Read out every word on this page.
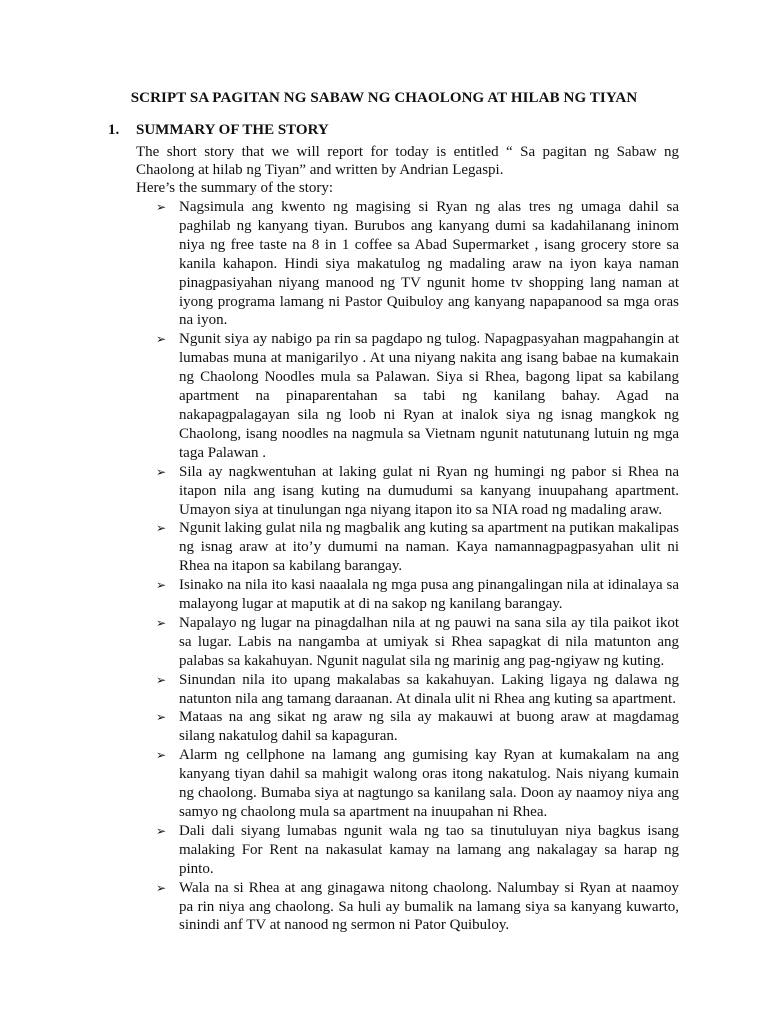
SCRIPT SA PAGITAN NG SABAW NG CHAOLONG AT HILAB NG TIYAN
1. SUMMARY OF THE STORY
The short story that we will report for today is entitled “ Sa pagitan ng Sabaw ng Chaolong at hilab ng Tiyan” and written by Andrian Legaspi.
Here’s the summary of the story:
➢ Nagsimula ang kwento ng magising si Ryan ng alas tres ng umaga dahil sa paghilab ng kanyang tiyan. Burubos ang kanyang dumi sa kadahilanang ininom niya ng free taste na 8 in 1 coffee sa Abad Supermarket , isang grocery store sa kanila kahapon. Hindi siya makatulog ng madaling araw na iyon kaya naman pinagpasiyahan niyang manood ng TV ngunit home tv shopping lang naman at iyong programa lamang ni Pastor Quibuloy ang kanyang napapanood sa mga oras na iyon.
➢ Ngunit siya ay nabigo pa rin sa pagdapo ng tulog. Napagpasyahan magpahangin at lumabas muna at manigarilyo . At una niyang nakita ang isang babae na kumakain ng Chaolong Noodles mula sa Palawan. Siya si Rhea, bagong lipat sa kabilang apartment na pinaparentahan sa tabi ng kanilang bahay. Agad na nakapagpalagayan sila ng loob ni Ryan at inalok siya ng isnag mangkok ng Chaolong, isang noodles na nagmula sa Vietnam ngunit natutunang lutuin ng mga taga Palawan .
➢ Sila ay nagkwentuhan at laking gulat ni Ryan ng humingi ng pabor si Rhea na itapon nila ang isang kuting na dumudumi sa kanyang inuupahang apartment. Umayon siya at tinulungan nga niyang itapon ito sa NIA road ng madaling araw.
➢ Ngunit laking gulat nila ng magbalik ang kuting sa apartment na putikan makalipas ng isnag araw at ito’y dumumi na naman. Kaya namannagpagpasyahan ulit ni Rhea na itapon sa kabilang barangay.
➢ Isinako na nila ito kasi naaalala ng mga pusa ang pinangalingan nila at idinalaya sa malayong lugar at maputik at di na sakop ng kanilang barangay.
➢ Napalayo ng lugar na pinagdalhan nila at ng pauwi na sana sila ay tila paikot ikot sa lugar. Labis na nangamba at umiyak si Rhea sapagkat di nila matunton ang palabas sa kakahuyan. Ngunit nagulat sila ng marinig ang pag-ngiyaw ng kuting.
➢ Sinundan nila ito upang makalabas sa kakahuyan. Laking ligaya ng dalawa ng natunton nila ang tamang daraanan. At dinala ulit ni Rhea ang kuting sa apartment.
➢ Mataas na ang sikat ng araw ng sila ay makauwi at buong araw at magdamag silang nakatulog dahil sa kapaguran.
➢ Alarm ng cellphone na lamang ang gumising kay Ryan at kumakalam na ang kanyang tiyan dahil sa mahigit walong oras itong nakatulog. Nais niyang kumain ng chaolong. Bumaba siya at nagtungo sa kanilang sala. Doon ay naamoy niya ang samyo ng chaolong mula sa apartment na inuupahan ni Rhea.
➢ Dali dali siyang lumabas ngunit wala ng tao sa tinutuluyan niya bagkus isang malaking For Rent na nakasulat kamay na lamang ang nakalagay sa harap ng pinto.
➢ Wala na si Rhea at ang ginagawa nitong chaolong. Nalumbay si Ryan at naamoy pa rin niya ang chaolong. Sa huli ay bumalik na lamang siya sa kanyang kuwarto, sinindi anf TV at nanood ng sermon ni Pator Quibuloy.
